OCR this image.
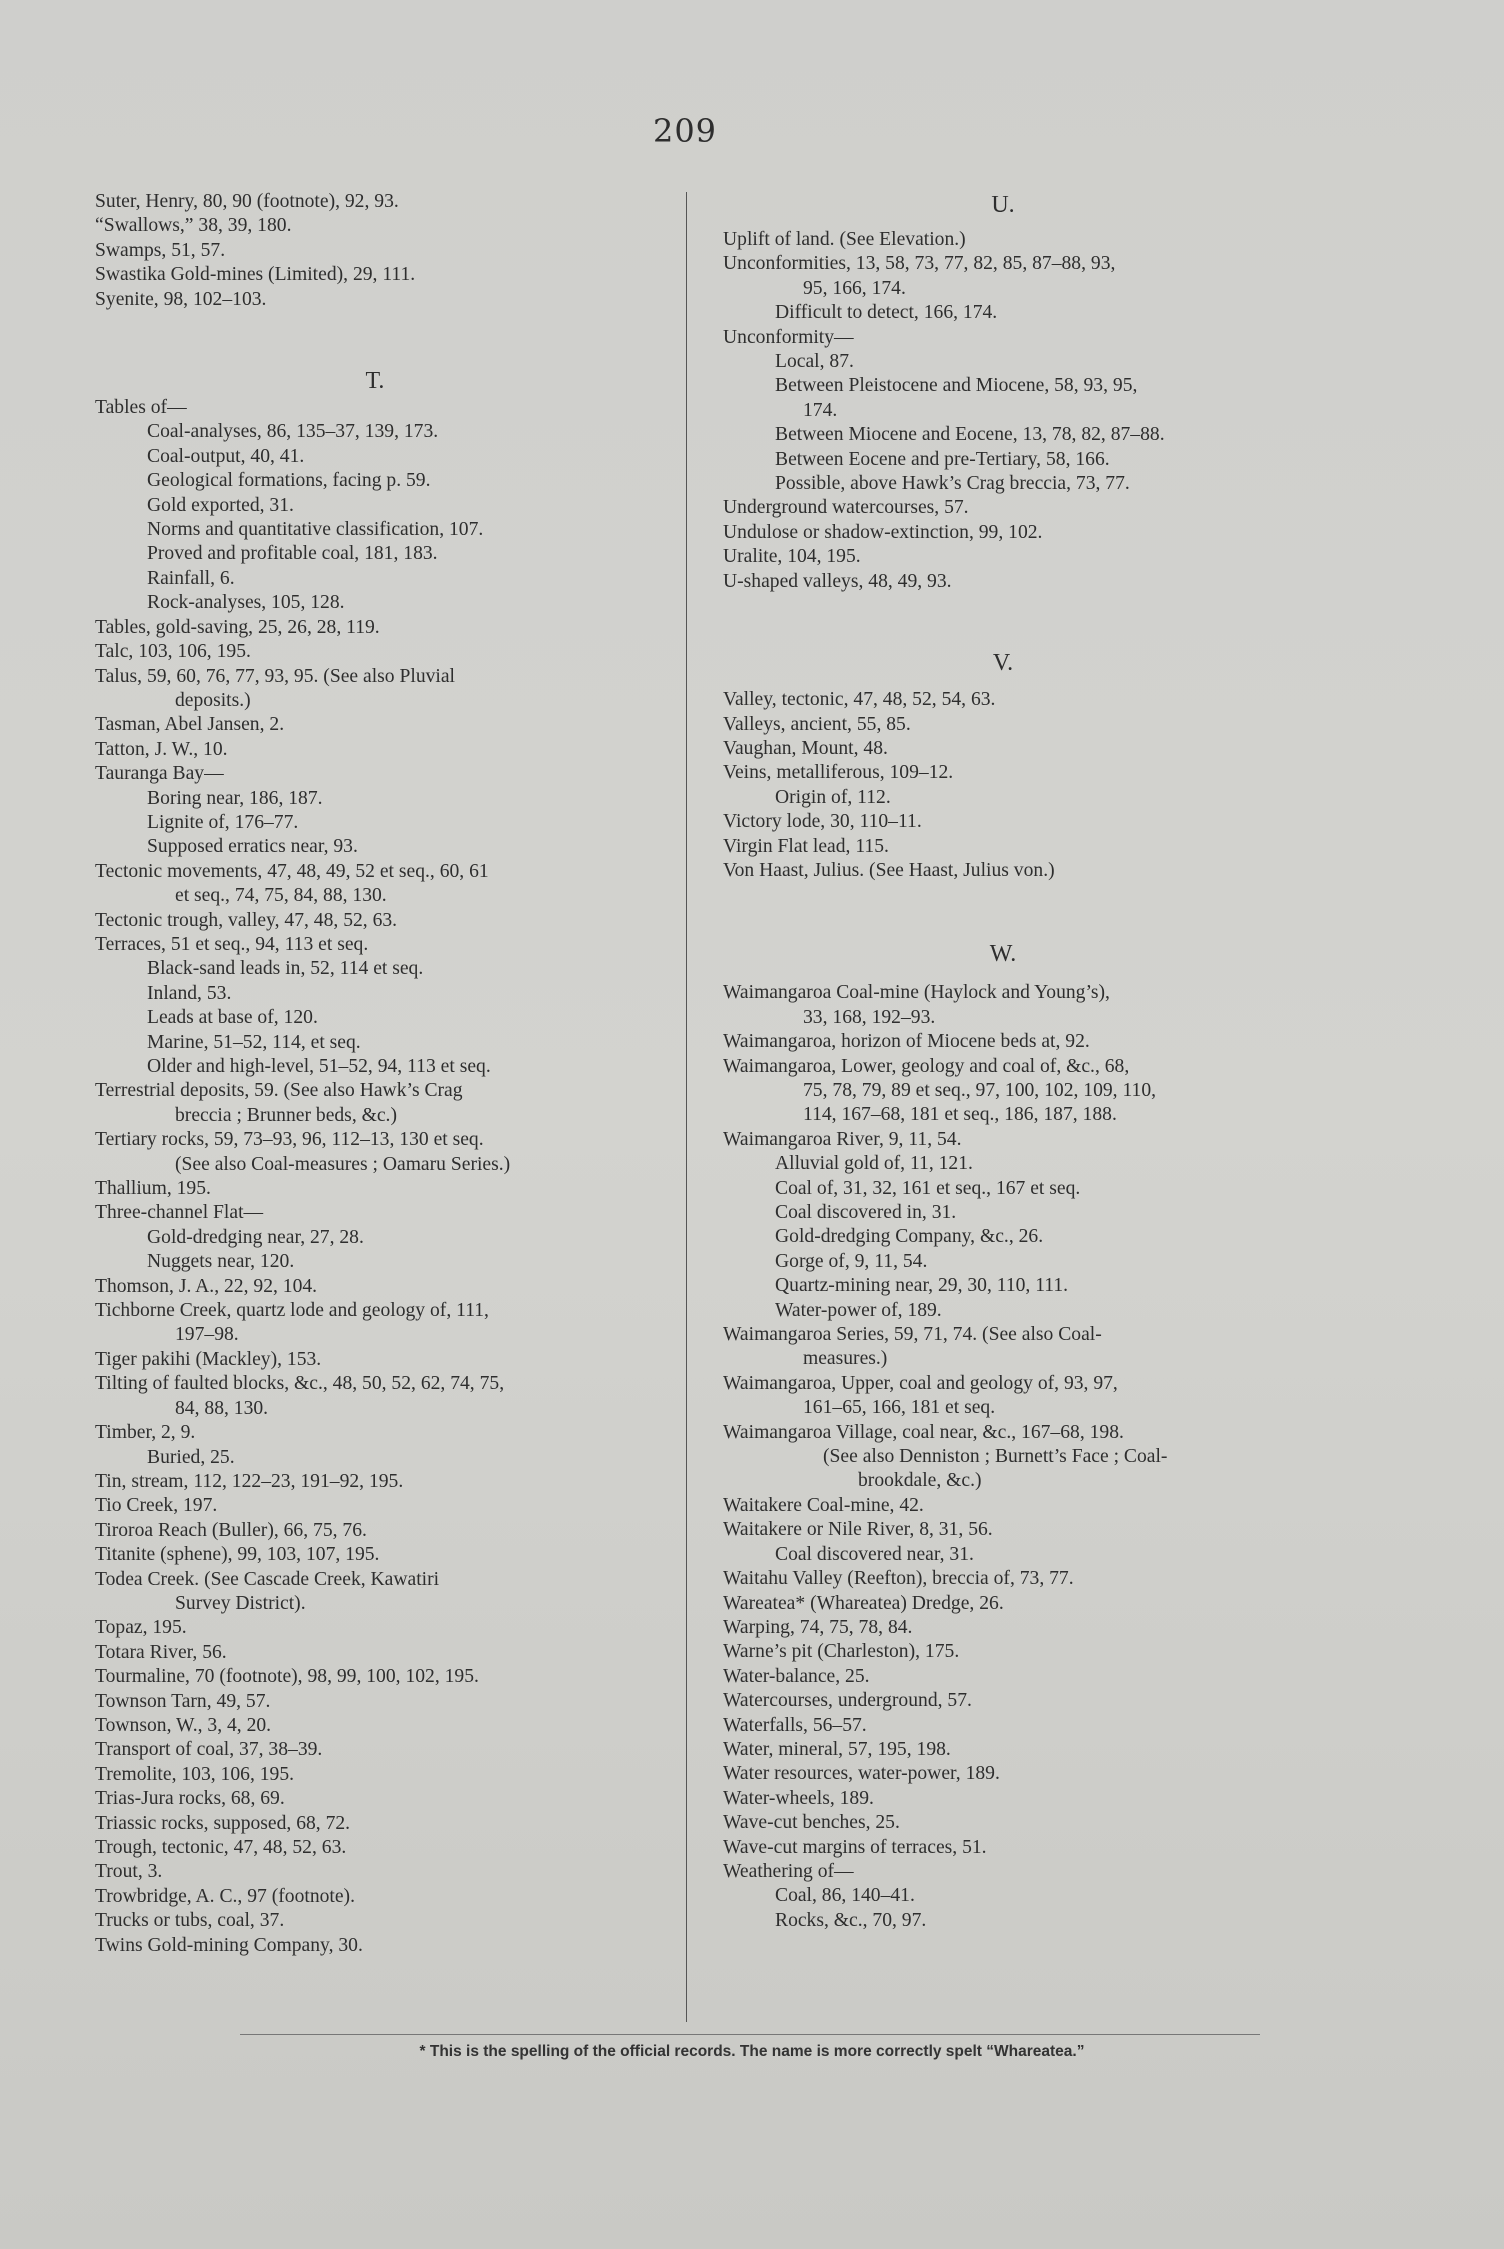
209
Suter, Henry, 80, 90 (footnote), 92, 93.
“Swallows,” 38, 39, 180.
Swamps, 51, 57.
Swastika Gold-mines (Limited), 29, 111.
Syenite, 98, 102–103.
T.
Tables of—
Coal-analyses, 86, 135–37, 139, 173.
Coal-output, 40, 41.
Geological formations, facing p. 59.
Gold exported, 31.
Norms and quantitative classification, 107.
Proved and profitable coal, 181, 183.
Rainfall, 6.
Rock-analyses, 105, 128.
Tables, gold-saving, 25, 26, 28, 119.
Talc, 103, 106, 195.
Talus, 59, 60, 76, 77, 93, 95. (See also Pluvial
deposits.)
Tasman, Abel Jansen, 2.
Tatton, J. W., 10.
Tauranga Bay—
Boring near, 186, 187.
Lignite of, 176–77.
Supposed erratics near, 93.
Tectonic movements, 47, 48, 49, 52 et seq., 60, 61
et seq., 74, 75, 84, 88, 130.
Tectonic trough, valley, 47, 48, 52, 63.
Terraces, 51 et seq., 94, 113 et seq.
Black-sand leads in, 52, 114 et seq.
Inland, 53.
Leads at base of, 120.
Marine, 51–52, 114, et seq.
Older and high-level, 51–52, 94, 113 et seq.
Terrestrial deposits, 59. (See also Hawk’s Crag
breccia ; Brunner beds, &c.)
Tertiary rocks, 59, 73–93, 96, 112–13, 130 et seq.
(See also Coal-measures ; Oamaru Series.)
Thallium, 195.
Three-channel Flat—
Gold-dredging near, 27, 28.
Nuggets near, 120.
Thomson, J. A., 22, 92, 104.
Tichborne Creek, quartz lode and geology of, 111,
197–98.
Tiger pakihi (Mackley), 153.
Tilting of faulted blocks, &c., 48, 50, 52, 62, 74, 75,
84, 88, 130.
Timber, 2, 9.
Buried, 25.
Tin, stream, 112, 122–23, 191–92, 195.
Tio Creek, 197.
Tiroroa Reach (Buller), 66, 75, 76.
Titanite (sphene), 99, 103, 107, 195.
Todea Creek. (See Cascade Creek, Kawatiri
Survey District).
Topaz, 195.
Totara River, 56.
Tourmaline, 70 (footnote), 98, 99, 100, 102, 195.
Townson Tarn, 49, 57.
Townson, W., 3, 4, 20.
Transport of coal, 37, 38–39.
Tremolite, 103, 106, 195.
Trias-Jura rocks, 68, 69.
Triassic rocks, supposed, 68, 72.
Trough, tectonic, 47, 48, 52, 63.
Trout, 3.
Trowbridge, A. C., 97 (footnote).
Trucks or tubs, coal, 37.
Twins Gold-mining Company, 30.
U.
Uplift of land. (See Elevation.)
Unconformities, 13, 58, 73, 77, 82, 85, 87–88, 93,
95, 166, 174.
Difficult to detect, 166, 174.
Unconformity—
Local, 87.
Between Pleistocene and Miocene, 58, 93, 95,
174.
Between Miocene and Eocene, 13, 78, 82, 87–88.
Between Eocene and pre-Tertiary, 58, 166.
Possible, above Hawk’s Crag breccia, 73, 77.
Underground watercourses, 57.
Undulose or shadow-extinction, 99, 102.
Uralite, 104, 195.
U-shaped valleys, 48, 49, 93.
V.
Valley, tectonic, 47, 48, 52, 54, 63.
Valleys, ancient, 55, 85.
Vaughan, Mount, 48.
Veins, metalliferous, 109–12.
Origin of, 112.
Victory lode, 30, 110–11.
Virgin Flat lead, 115.
Von Haast, Julius. (See Haast, Julius von.)
W.
Waimangaroa Coal-mine (Haylock and Young’s),
33, 168, 192–93.
Waimangaroa, horizon of Miocene beds at, 92.
Waimangaroa, Lower, geology and coal of, &c., 68,
75, 78, 79, 89 et seq., 97, 100, 102, 109, 110,
114, 167–68, 181 et seq., 186, 187, 188.
Waimangaroa River, 9, 11, 54.
Alluvial gold of, 11, 121.
Coal of, 31, 32, 161 et seq., 167 et seq.
Coal discovered in, 31.
Gold-dredging Company, &c., 26.
Gorge of, 9, 11, 54.
Quartz-mining near, 29, 30, 110, 111.
Water-power of, 189.
Waimangaroa Series, 59, 71, 74. (See also Coal-
measures.)
Waimangaroa, Upper, coal and geology of, 93, 97,
161–65, 166, 181 et seq.
Waimangaroa Village, coal near, &c., 167–68, 198.
(See also Denniston ; Burnett’s Face ; Coal-
brookdale, &c.)
Waitakere Coal-mine, 42.
Waitakere or Nile River, 8, 31, 56.
Coal discovered near, 31.
Waitahu Valley (Reefton), breccia of, 73, 77.
Wareatea* (Whareatea) Dredge, 26.
Warping, 74, 75, 78, 84.
Warne’s pit (Charleston), 175.
Water-balance, 25.
Watercourses, underground, 57.
Waterfalls, 56–57.
Water, mineral, 57, 195, 198.
Water resources, water-power, 189.
Water-wheels, 189.
Wave-cut benches, 25.
Wave-cut margins of terraces, 51.
Weathering of—
Coal, 86, 140–41.
Rocks, &c., 70, 97.
* This is the spelling of the official records. The name is more correctly spelt “Whareatea.”
